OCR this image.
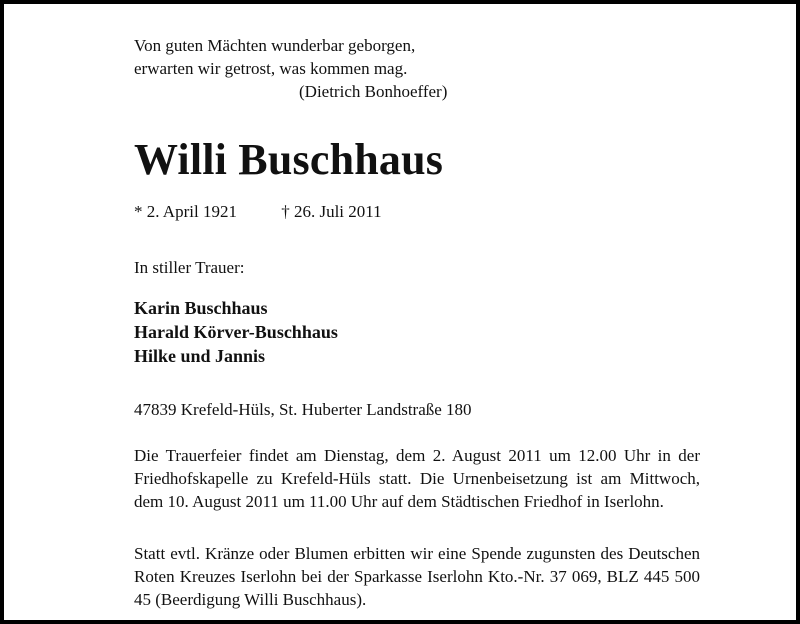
Von guten Mächten wunderbar geborgen,
erwarten wir getrost, was kommen mag.
(Dietrich Bonhoeffer)
Willi Buschhaus
* 2. April 1921	† 26. Juli 2011
In stiller Trauer:
Karin Buschhaus
Harald Körver-Buschhaus
Hilke und Jannis
47839 Krefeld-Hüls, St. Huberter Landstraße 180
Die Trauerfeier findet am Dienstag, dem 2. August 2011 um 12.00 Uhr in der Friedhofskapelle zu Krefeld-Hüls statt. Die Urnenbeisetzung ist am Mittwoch, dem 10. August 2011 um 11.00 Uhr auf dem Städtischen Friedhof in Iserlohn.
Statt evtl. Kränze oder Blumen erbitten wir eine Spende zugunsten des Deutschen Roten Kreuzes Iserlohn bei der Sparkasse Iserlohn Kto.-Nr. 37 069, BLZ 445 500 45 (Beerdigung Willi Buschhaus).
